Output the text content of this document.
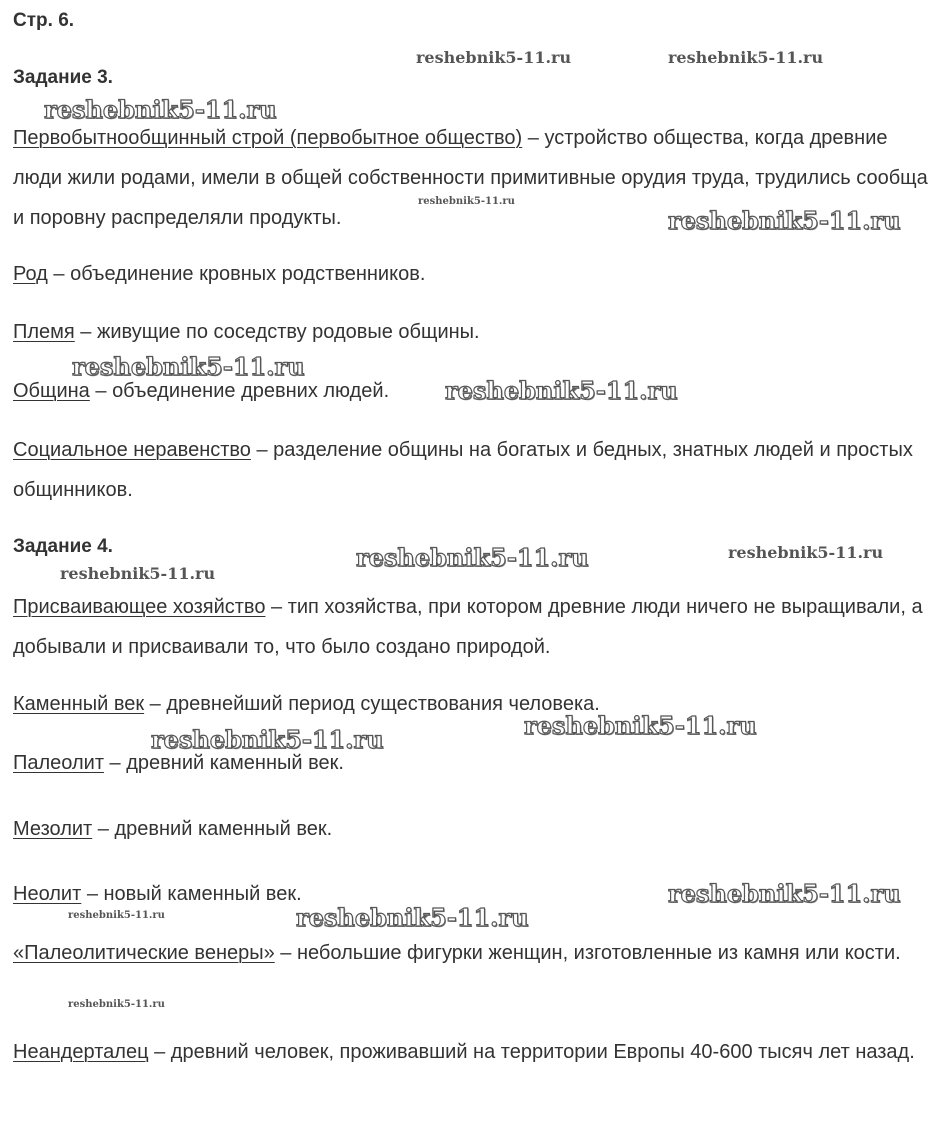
Стр. 6.
Задание 3.

Первобытнообщинный строй (первобытное общество) – устройство общества, когда древние люди жили родами, имели в общей собственности примитивные орудия труда, трудились сообща и поровну распределяли продукты.

Род – объединение кровных родственников.

Племя – живущие по соседству родовые общины.

Община – объединение древних людей.

Социальное неравенство – разделение общины на богатых и бедных, знатных людей и простых общинников.

Задание 4.

Присваивающее хозяйство – тип хозяйства, при котором древние люди ничего не выращивали, а добывали и присваивали то, что было создано природой.

Каменный век – древнейший период существования человека.

Палеолит – древний каменный век.

Мезолит – древний каменный век.

Неолит – новый каменный век.

«Палеолитические венеры» – небольшие фигурки женщин, изготовленные из камня или кости.

Неандерталец – древний человек, проживавший на территории Европы 40-600 тысяч лет назад.

reshebnik5-11.ru	reshebnik5-11.ru
reshebnik5-11.ru
reshebnik5-11.ru
reshebnik5-11.ru
reshebnik5-11.ru
reshebnik5-11.ru
reshebnik5-11.ru	reshebnik5-11.ru
reshebnik5-11.ru
reshebnik5-11.ru
reshebnik5-11.ru
reshebnik5-11.ru
reshebnik5-11.ru
reshebnik5-11.ru
reshebnik5-11.ru
